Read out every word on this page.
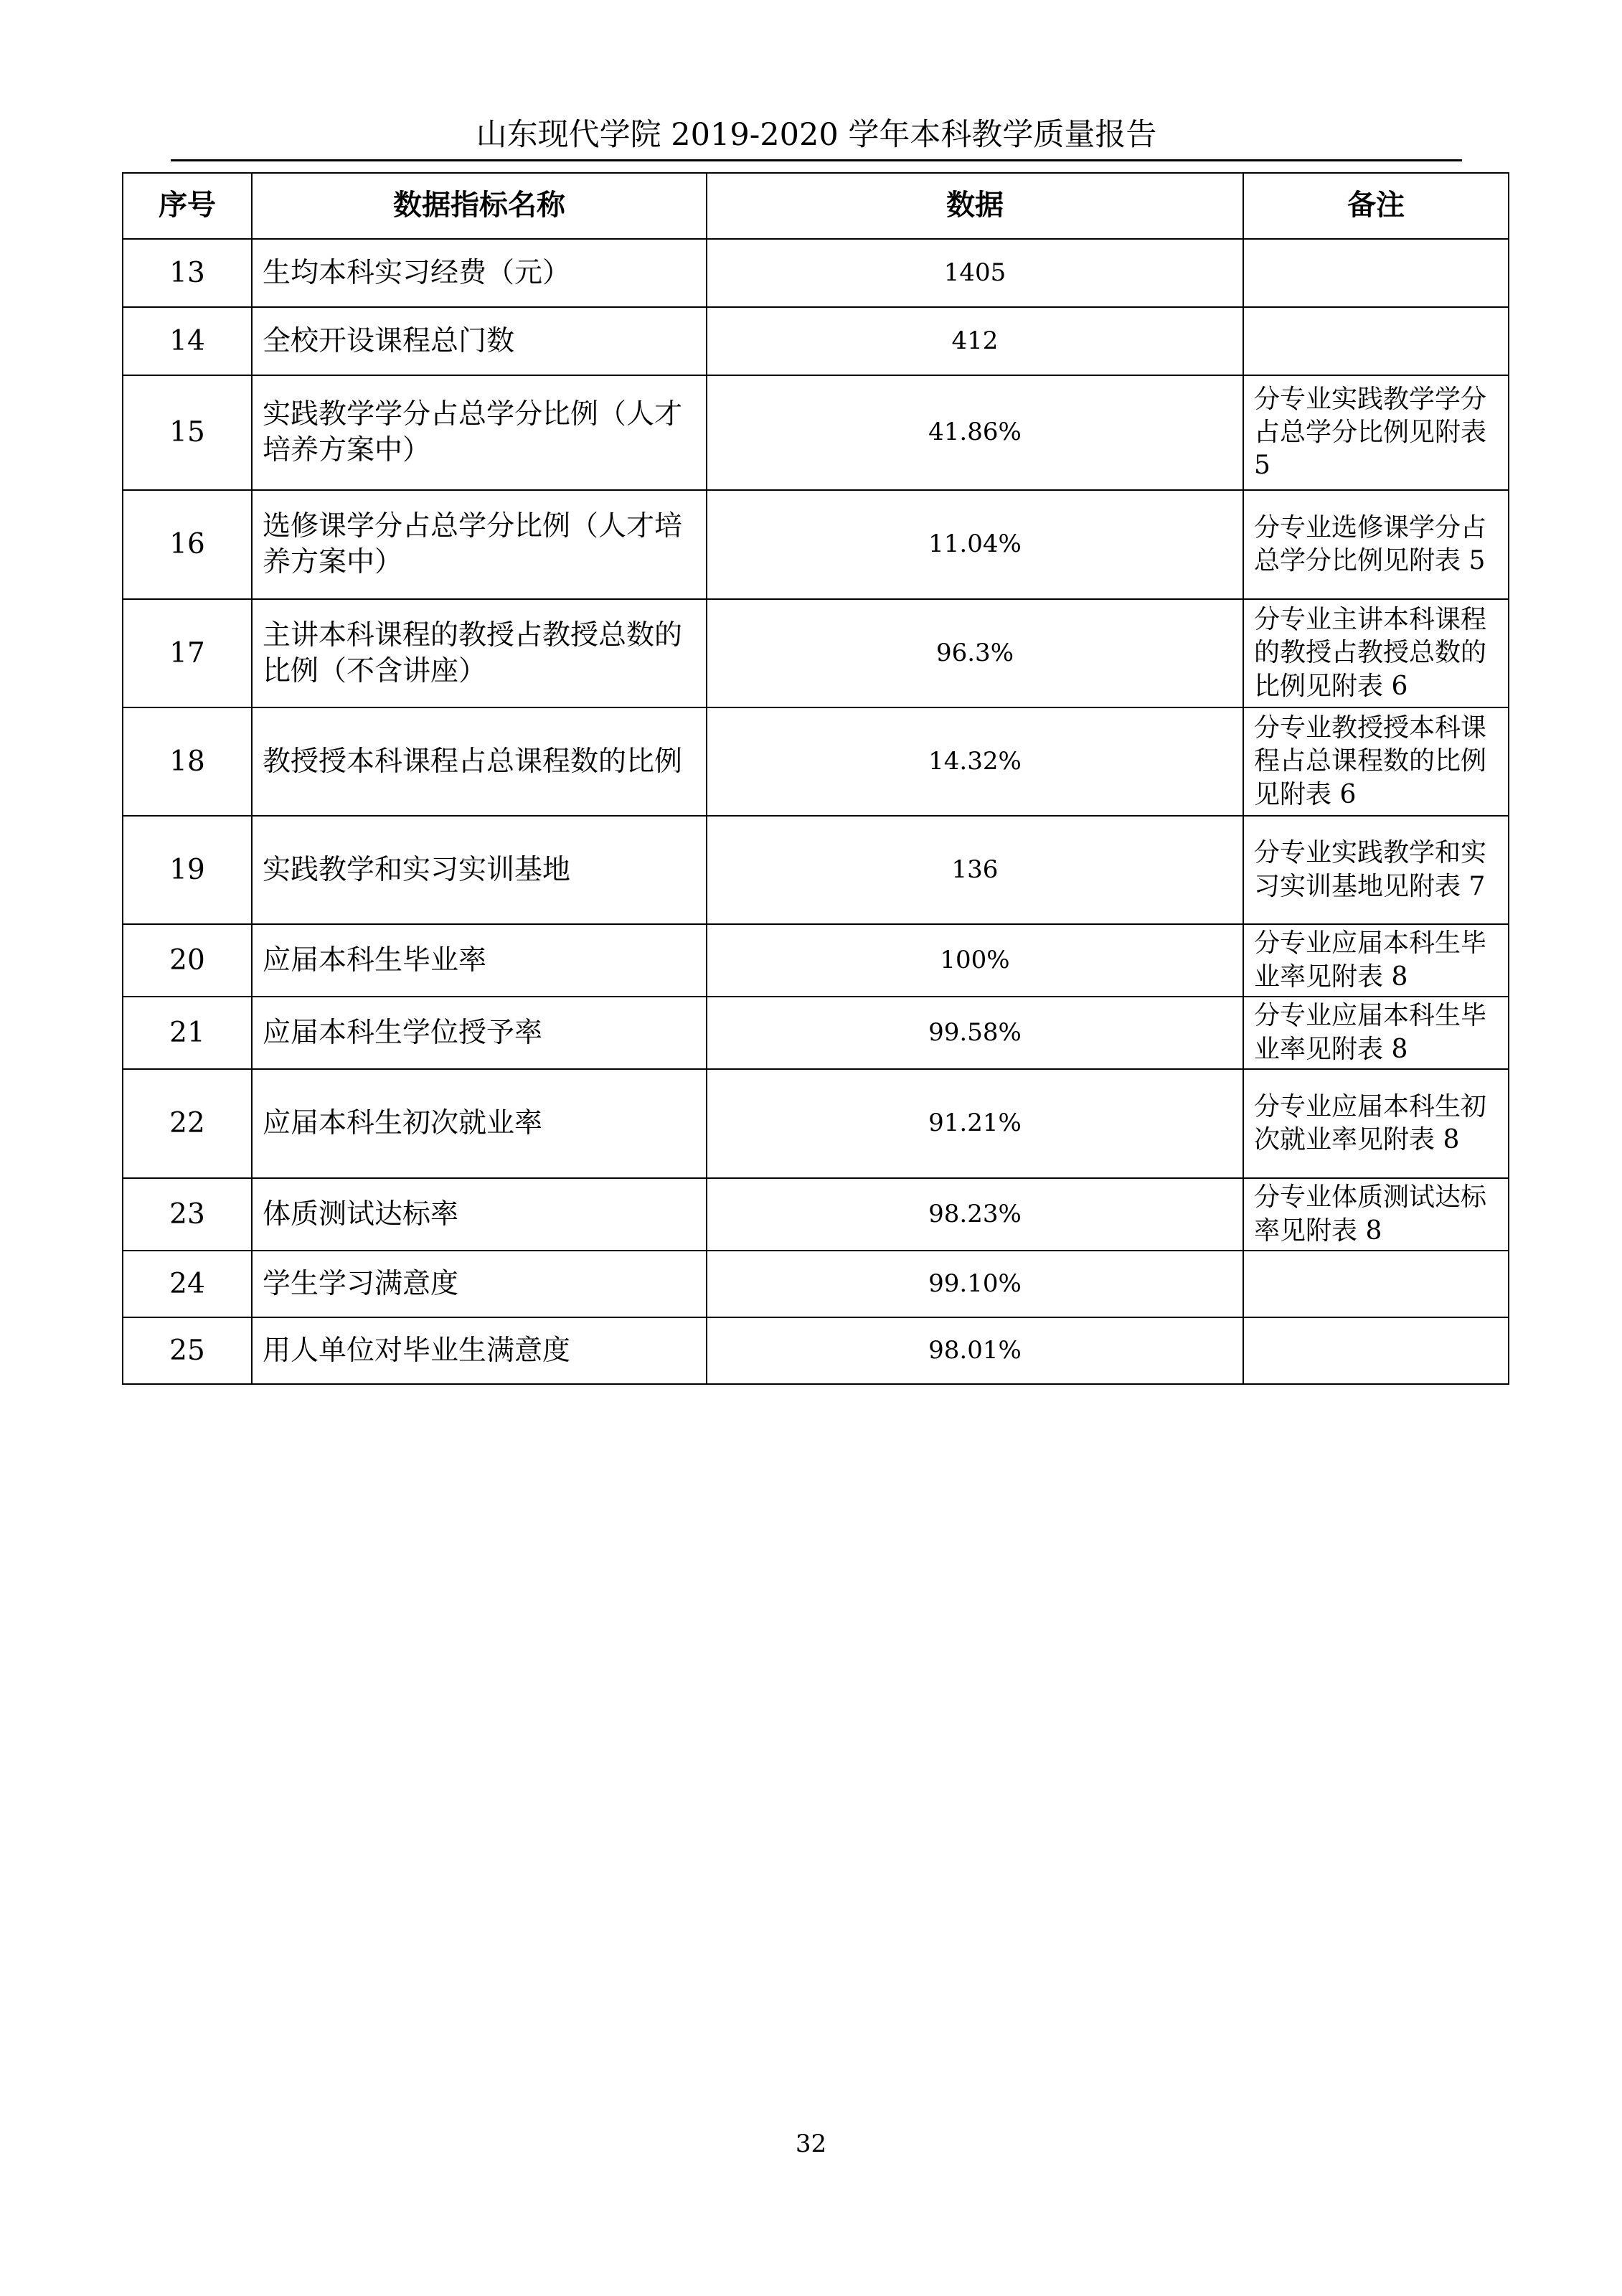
山东现代学院 2019-2020 学年本科教学质量报告
序号	数据指标名称	数据	备注
13	生均本科实习经费（元）	1405	
14	全校开设课程总门数	412	
15	实践教学学分占总学分比例（人才培养方案中）	41.86%	分专业实践教学学分占总学分比例见附表 5
16	选修课学分占总学分比例（人才培养方案中）	11.04%	分专业选修课学分占总学分比例见附表 5
17	主讲本科课程的教授占教授总数的比例（不含讲座）	96.3%	分专业主讲本科课程的教授占教授总数的比例见附表 6
18	教授授本科课程占总课程数的比例	14.32%	分专业教授授本科课程占总课程数的比例见附表 6
19	实践教学和实习实训基地	136	分专业实践教学和实习实训基地见附表 7
20	应届本科生毕业率	100%	分专业应届本科生毕业率见附表 8
21	应届本科生学位授予率	99.58%	分专业应届本科生毕业率见附表 8
22	应届本科生初次就业率	91.21%	分专业应届本科生初次就业率见附表 8
23	体质测试达标率	98.23%	分专业体质测试达标率见附表 8
24	学生学习满意度	99.10%	
25	用人单位对毕业生满意度	98.01%	
32
